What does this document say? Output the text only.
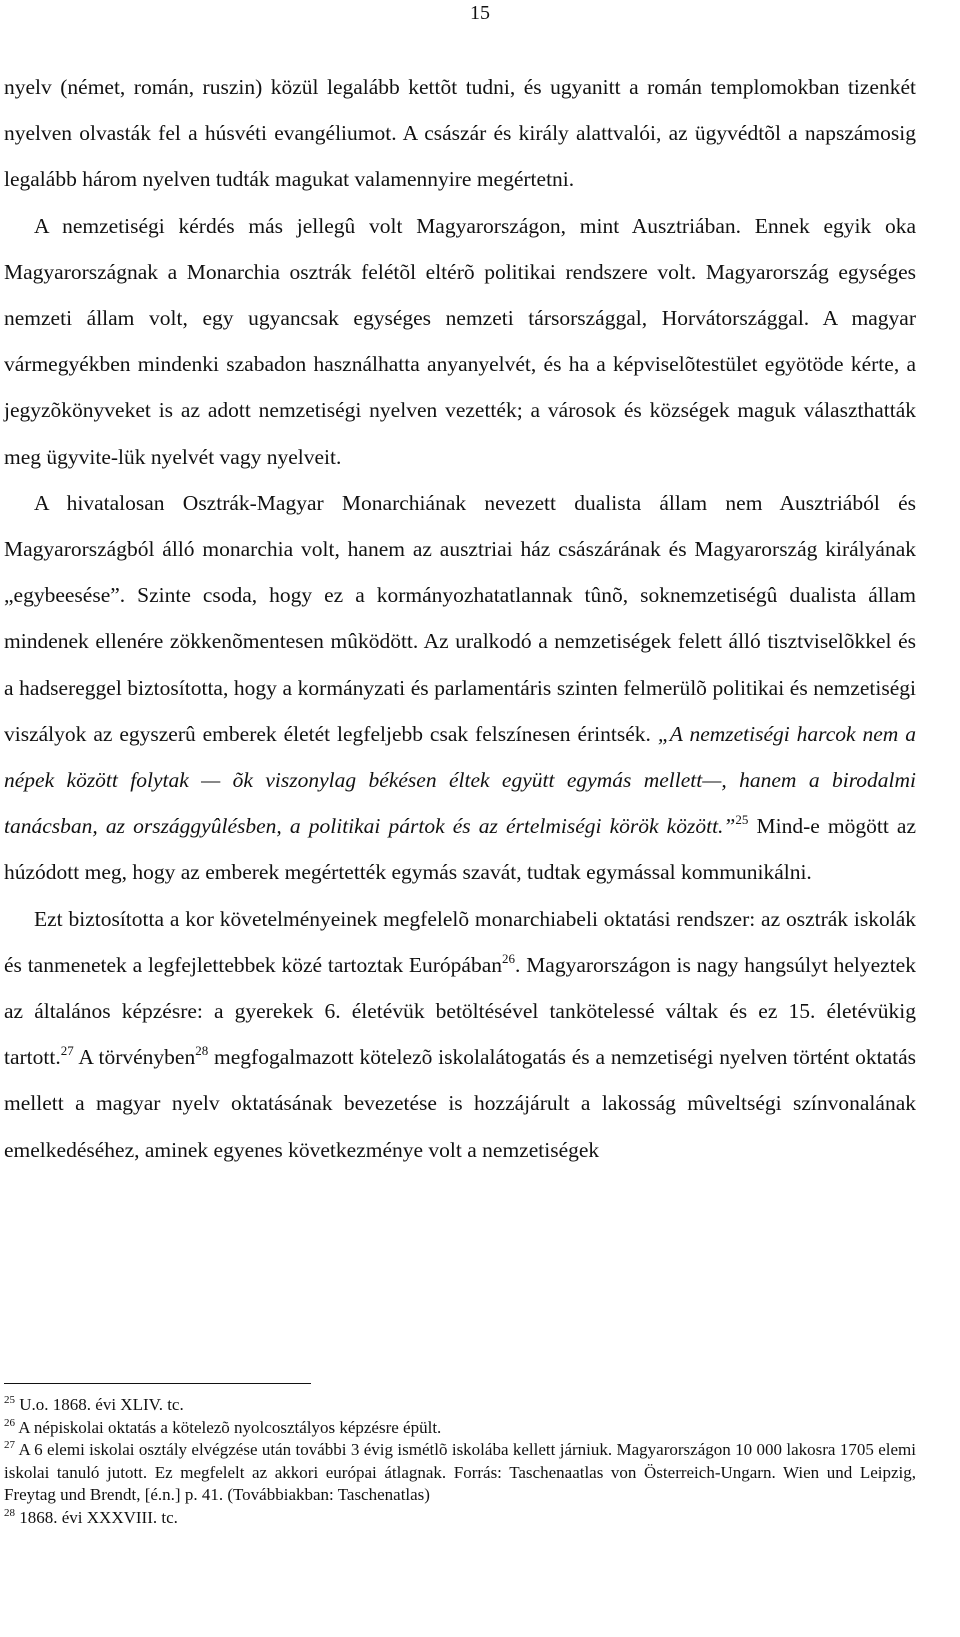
15

nyelv (német, román, ruszin) közül legalább kettõt tudni, és ugyanitt a román templomokban tizenkét nyelven olvasták fel a húsvéti evangéliumot. A császár és király alattvalói, az ügyvédtõl a napszámosig legalább három nyelven tudták magukat valamennyire megértetni.

A nemzetiségi kérdés más jellegû volt Magyarországon, mint Ausztriában. Ennek egyik oka Magyarországnak a Monarchia osztrák felétõl eltérõ politikai rendszere volt. Magyarország egységes nemzeti állam volt, egy ugyancsak egységes nemzeti társországgal, Horvátországgal. A magyar vármegyékben mindenki szabadon használhatta anyanyelvét, és ha a képviselõtestület egyötöde kérte, a jegyzõkönyveket is az adott nemzetiségi nyelven vezették; a városok és községek maguk választhatták meg ügyvite-lük nyelvét vagy nyelveit.

A hivatalosan Osztrák-Magyar Monarchiának nevezett dualista állam nem Ausztriából és Magyarországból álló monarchia volt, hanem az ausztriai ház császárának és Magyarország királyának „egybeesése”. Szinte csoda, hogy ez a kormányozhatatlannak tûnõ, soknemzetiségû dualista állam mindenek ellenére zökkenõmentesen mûködött. Az uralkodó a nemzetiségek felett álló tisztviselõkkel és a hadsereggel biztosította, hogy a kormányzati és parlamentáris szinten felmerülõ politikai és nemzetiségi viszályok az egyszerû emberek életét legfeljebb csak felszínesen érintsék. „A nemzetiségi harcok nem a népek között folytak — õk viszonylag békésen éltek együtt egymás mellett—, hanem a birodalmi tanácsban, az országgyûlésben, a politikai pártok és az értelmiségi körök között.”$^{25}$ Mind-e mögött az húzódott meg, hogy az emberek megértették egymás szavát, tudtak egymással kommunikálni.

Ezt biztosította a kor követelményeinek megfelelõ monarchiabeli oktatási rendszer: az osztrák iskolák és tanmenetek a legfejlettebbek közé tartoztak Európában$^{26}$. Magyarországon is nagy hangsúlyt helyeztek az általános képzésre: a gyerekek 6. életévük betöltésével tankötelessé váltak és ez 15. életévükig tartott.$^{27}$ A törvényben$^{28}$ megfogalmazott kötelezõ iskolalátogatás és a nemzetiségi nyelven történt oktatás mellett a magyar nyelv oktatásának bevezetése is hozzájárult a lakosság mûveltségi színvonalának emelkedéséhez, aminek egyenes következménye volt a nemzetiségek

$^{25}$ U.o. 1868. évi XLIV. tc.

$^{26}$ A népiskolai oktatás a kötelezõ nyolcosztályos képzésre épült.

$^{27}$ A 6 elemi iskolai osztály elvégzése után további 3 évig ismétlõ iskolába kellett járniuk. Magyarországon 10 000 lakosra 1705 elemi iskolai tanuló jutott. Ez megfelelt az akkori európai átlagnak. Forrás: Taschenaatlas von Österreich-Ungarn. Wien und Leipzig, Freytag und Brendt, [é.n.] p. 41. (Továbbiakban: Taschenatlas)

$^{28}$ 1868. évi XXXVIII. tc.
